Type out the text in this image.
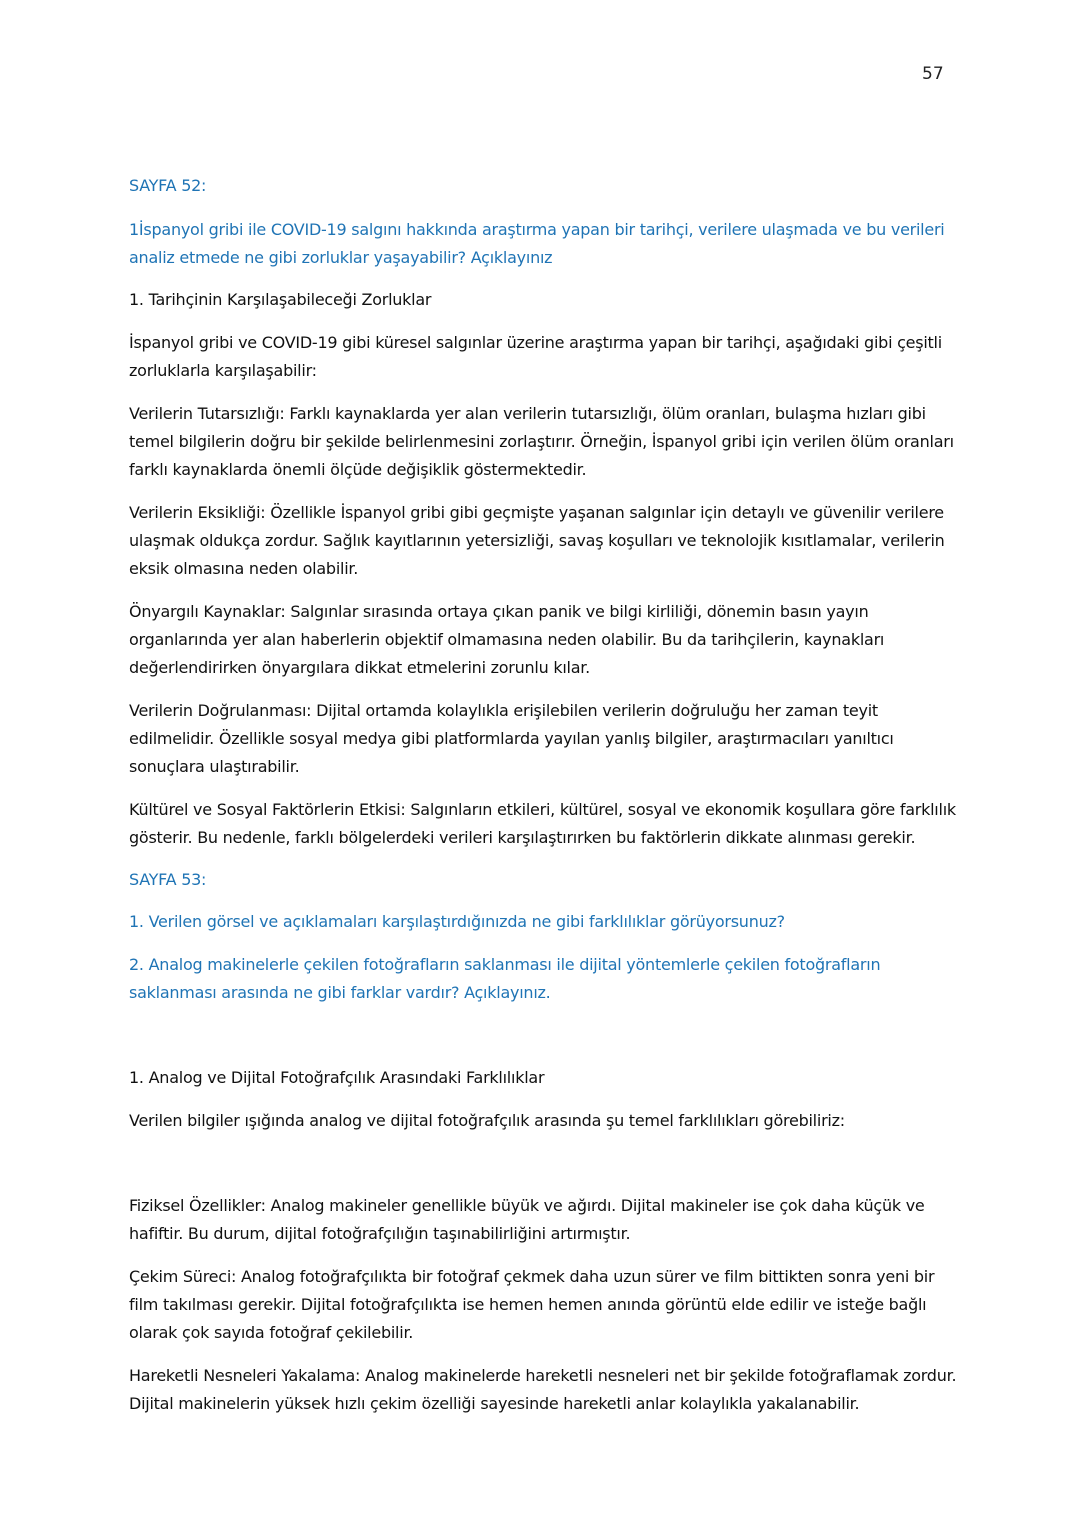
57

SAYFA 52:

1İspanyol gribi ile COVID-19 salgını hakkında araştırma yapan bir tarihçi, verilere ulaşmada ve bu verileri analiz etmede ne gibi zorluklar yaşayabilir? Açıklayınız

1. Tarihçinin Karşılaşabileceği Zorluklar

İspanyol gribi ve COVID-19 gibi küresel salgınlar üzerine araştırma yapan bir tarihçi, aşağıdaki gibi çeşitli zorluklarla karşılaşabilir:

Verilerin Tutarsızlığı: Farklı kaynaklarda yer alan verilerin tutarsızlığı, ölüm oranları, bulaşma hızları gibi temel bilgilerin doğru bir şekilde belirlenmesini zorlaştırır. Örneğin, İspanyol gribi için verilen ölüm oranları farklı kaynaklarda önemli ölçüde değişiklik göstermektedir.

Verilerin Eksikliği: Özellikle İspanyol gribi gibi geçmişte yaşanan salgınlar için detaylı ve güvenilir verilere ulaşmak oldukça zordur. Sağlık kayıtlarının yetersizliği, savaş koşulları ve teknolojik kısıtlamalar, verilerin eksik olmasına neden olabilir.

Önyargılı Kaynaklar: Salgınlar sırasında ortaya çıkan panik ve bilgi kirliliği, dönemin basın yayın organlarında yer alan haberlerin objektif olmamasına neden olabilir. Bu da tarihçilerin, kaynakları değerlendirirken önyargılara dikkat etmelerini zorunlu kılar.

Verilerin Doğrulanması: Dijital ortamda kolaylıkla erişilebilen verilerin doğruluğu her zaman teyit edilmelidir. Özellikle sosyal medya gibi platformlarda yayılan yanlış bilgiler, araştırmacıları yanıltıcı sonuçlara ulaştırabilir.

Kültürel ve Sosyal Faktörlerin Etkisi: Salgınların etkileri, kültürel, sosyal ve ekonomik koşullara göre farklılık gösterir. Bu nedenle, farklı bölgelerdeki verileri karşılaştırırken bu faktörlerin dikkate alınması gerekir.

SAYFA 53:

1. Verilen görsel ve açıklamaları karşılaştırdığınızda ne gibi farklılıklar görüyorsunuz?

2. Analog makinelerle çekilen fotoğrafların saklanması ile dijital yöntemlerle çekilen fotoğrafların saklanması arasında ne gibi farklar vardır? Açıklayınız.

1. Analog ve Dijital Fotoğrafçılık Arasındaki Farklılıklar

Verilen bilgiler ışığında analog ve dijital fotoğrafçılık arasında şu temel farklılıkları görebiliriz:

Fiziksel Özellikler: Analog makineler genellikle büyük ve ağırdı. Dijital makineler ise çok daha küçük ve hafiftir. Bu durum, dijital fotoğrafçılığın taşınabilirliğini artırmıştır.

Çekim Süreci: Analog fotoğrafçılıkta bir fotoğraf çekmek daha uzun sürer ve film bittikten sonra yeni bir film takılması gerekir. Dijital fotoğrafçılıkta ise hemen hemen anında görüntü elde edilir ve isteğe bağlı olarak çok sayıda fotoğraf çekilebilir.

Hareketli Nesneleri Yakalama: Analog makinelerde hareketli nesneleri net bir şekilde fotoğraflamak zordur. Dijital makinelerin yüksek hızlı çekim özelliği sayesinde hareketli anlar kolaylıkla yakalanabilir.
